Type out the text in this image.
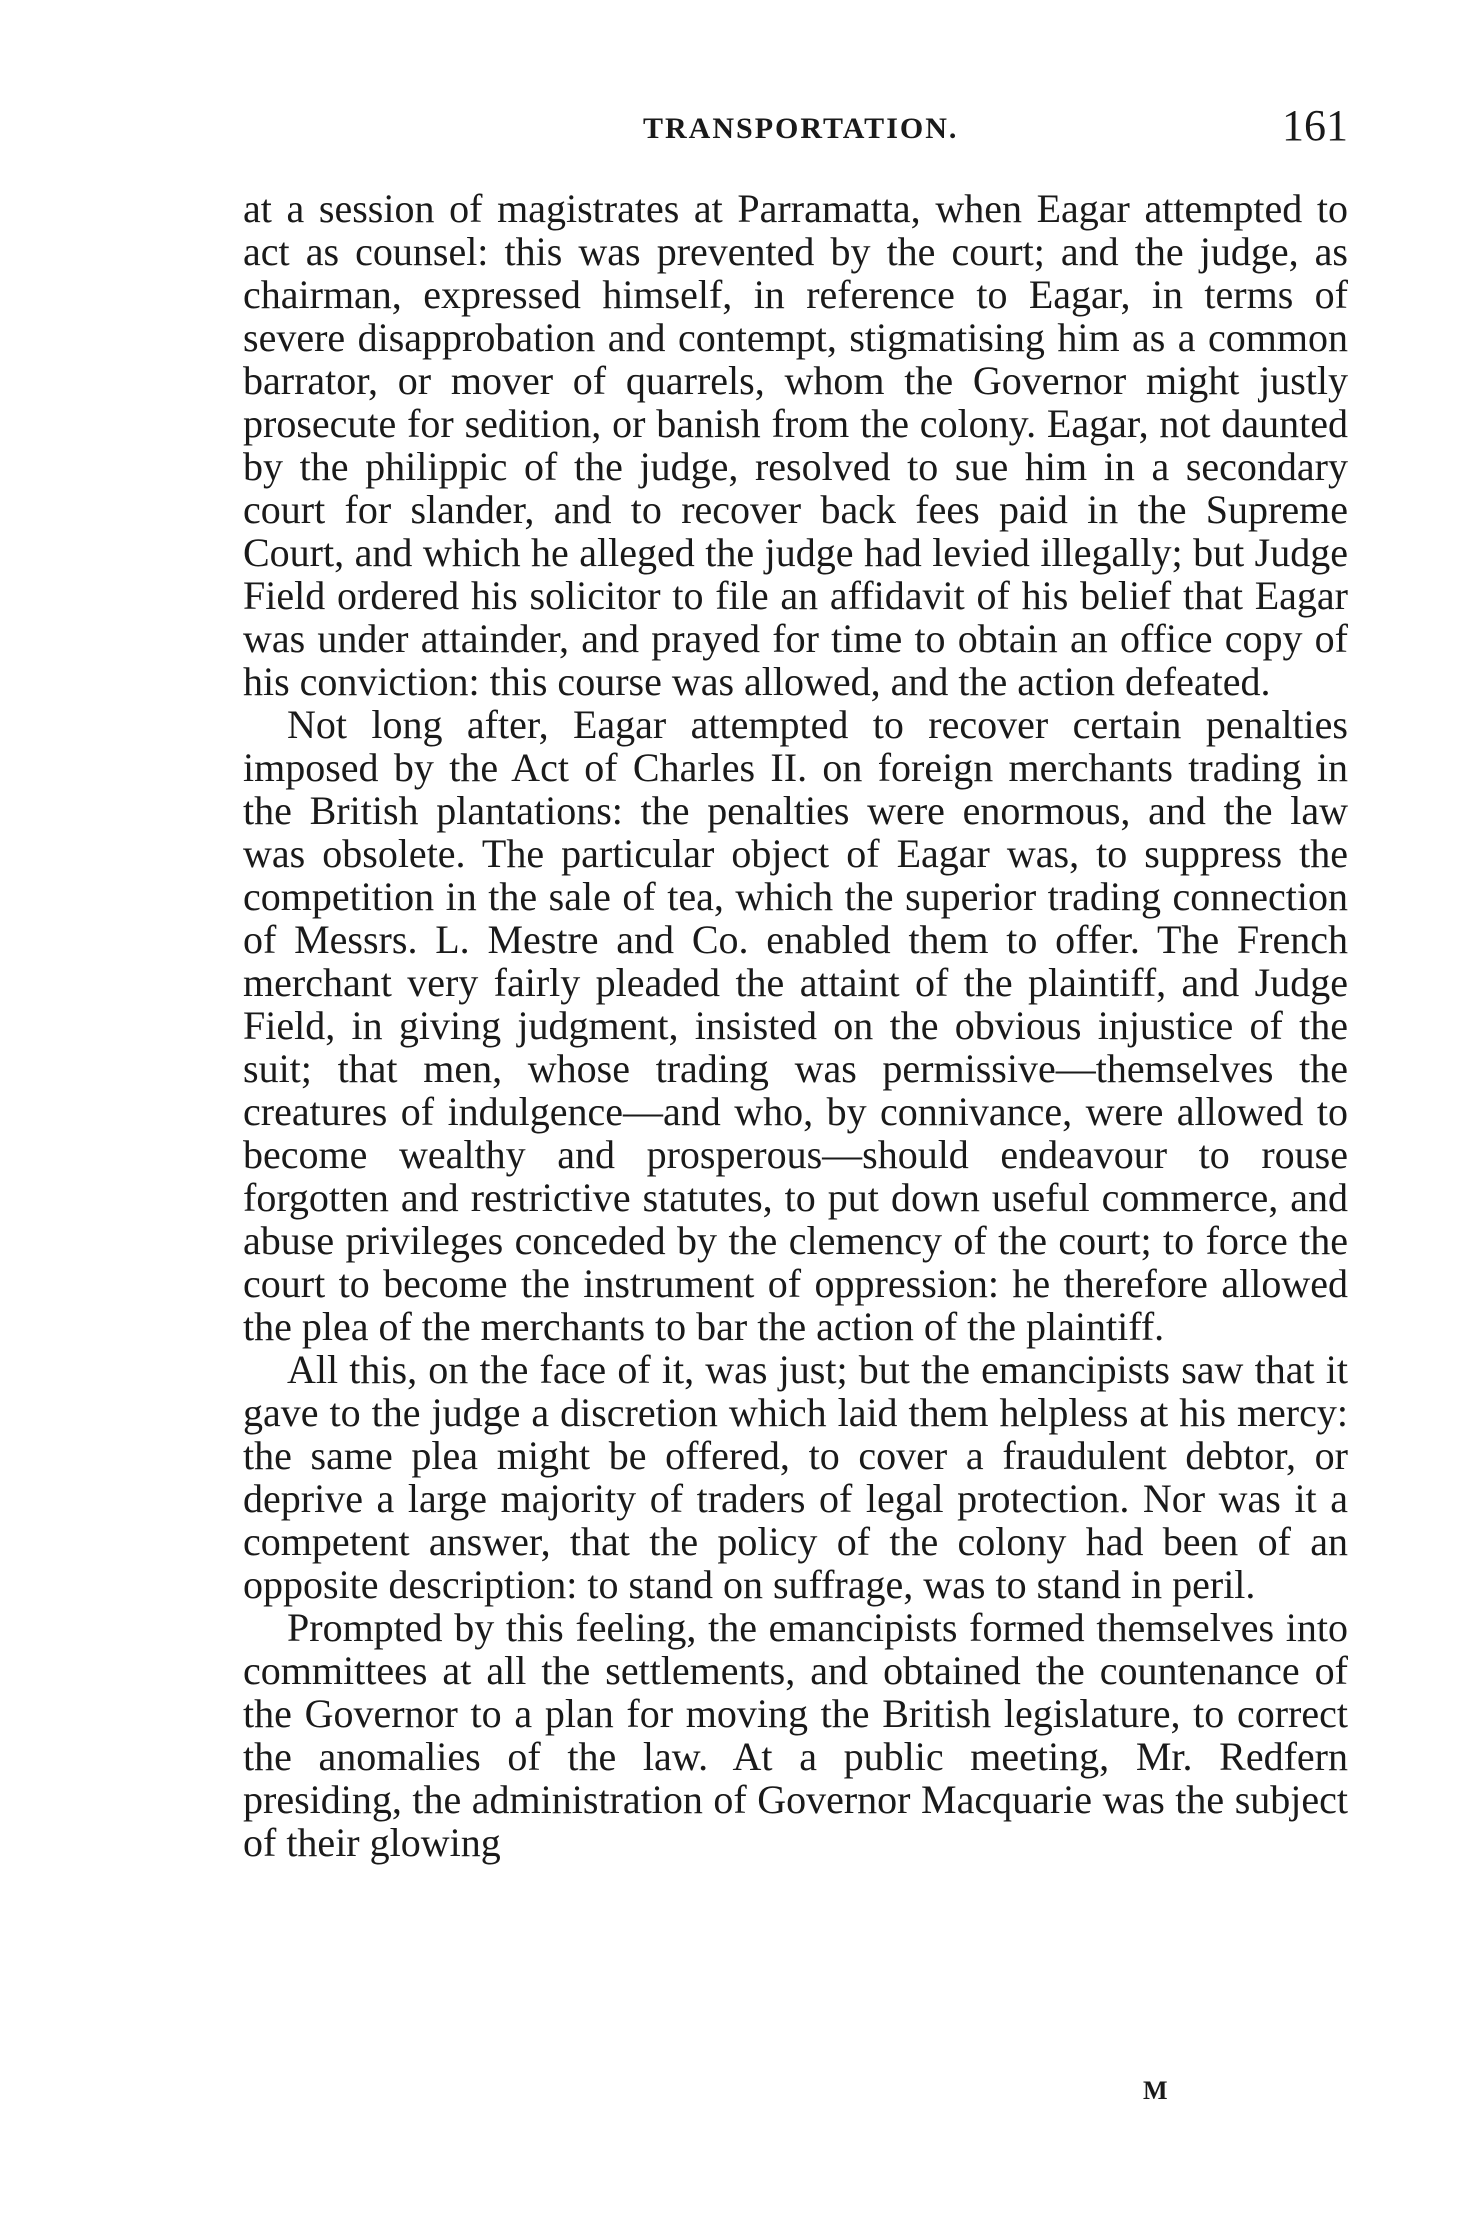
TRANSPORTATION.	161

at a session of magistrates at Parramatta, when Eagar attempted to act as counsel: this was prevented by the court; and the judge, as chairman, expressed himself, in reference to Eagar, in terms of severe disapprobation and contempt, stigmatising him as a common barrator, or mover of quarrels, whom the Governor might justly prosecute for sedition, or banish from the colony. Eagar, not daunted by the philippic of the judge, resolved to sue him in a secondary court for slander, and to recover back fees paid in the Supreme Court, and which he alleged the judge had levied illegally; but Judge Field ordered his solicitor to file an affidavit of his belief that Eagar was under attainder, and prayed for time to obtain an office copy of his conviction: this course was allowed, and the action defeated.

Not long after, Eagar attempted to recover certain penalties imposed by the Act of Charles II. on foreign merchants trading in the British plantations: the penalties were enormous, and the law was obsolete. The particular object of Eagar was, to suppress the competition in the sale of tea, which the superior trading connection of Messrs. L. Mestre and Co. enabled them to offer. The French merchant very fairly pleaded the attaint of the plaintiff, and Judge Field, in giving judgment, insisted on the obvious injustice of the suit; that men, whose trading was permissive—themselves the creatures of indulgence—and who, by connivance, were allowed to become wealthy and prosperous—should endeavour to rouse forgotten and restrictive statutes, to put down useful commerce, and abuse privileges conceded by the clemency of the court; to force the court to become the instrument of oppression: he therefore allowed the plea of the merchants to bar the action of the plaintiff.

All this, on the face of it, was just; but the emancipists saw that it gave to the judge a discretion which laid them helpless at his mercy: the same plea might be offered, to cover a fraudulent debtor, or deprive a large majority of traders of legal protection. Nor was it a competent answer, that the policy of the colony had been of an opposite description: to stand on suffrage, was to stand in peril.

Prompted by this feeling, the emancipists formed themselves into committees at all the settlements, and obtained the countenance of the Governor to a plan for moving the British legislature, to correct the anomalies of the law. At a public meeting, Mr. Redfern presiding, the administration of Governor Macquarie was the subject of their glowing

M
